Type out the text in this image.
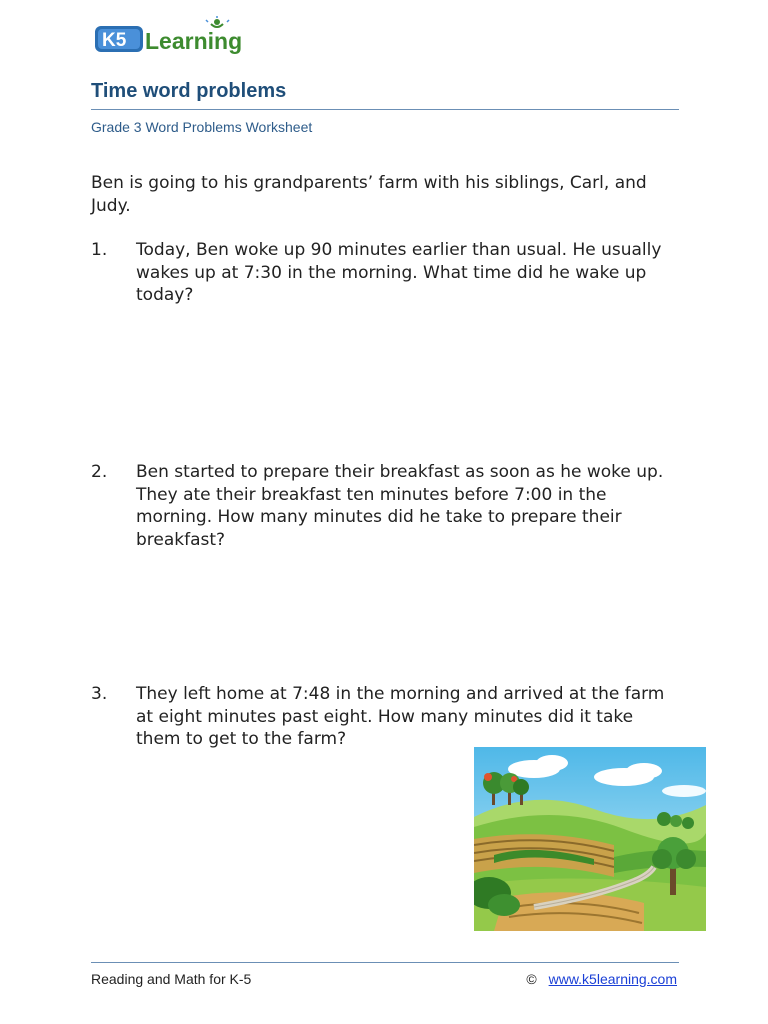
K5 Learning
Time word problems

Grade 3 Word Problems Worksheet

Ben is going to his grandparents’ farm with his siblings, Carl, and Judy.

1.	Today, Ben woke up 90 minutes earlier than usual. He usually wakes up at 7:30 in the morning. What time did he wake up today?
2.	Ben started to prepare their breakfast as soon as he woke up. They ate their breakfast ten minutes before 7:00 in the morning. How many minutes did he take to prepare their breakfast?
3.	They left home at 7:48 in the morning and arrived at the farm at eight minutes past eight. How many minutes did it take them to get to the farm?
Reading and Math for K-5	© www.k5learning.com
